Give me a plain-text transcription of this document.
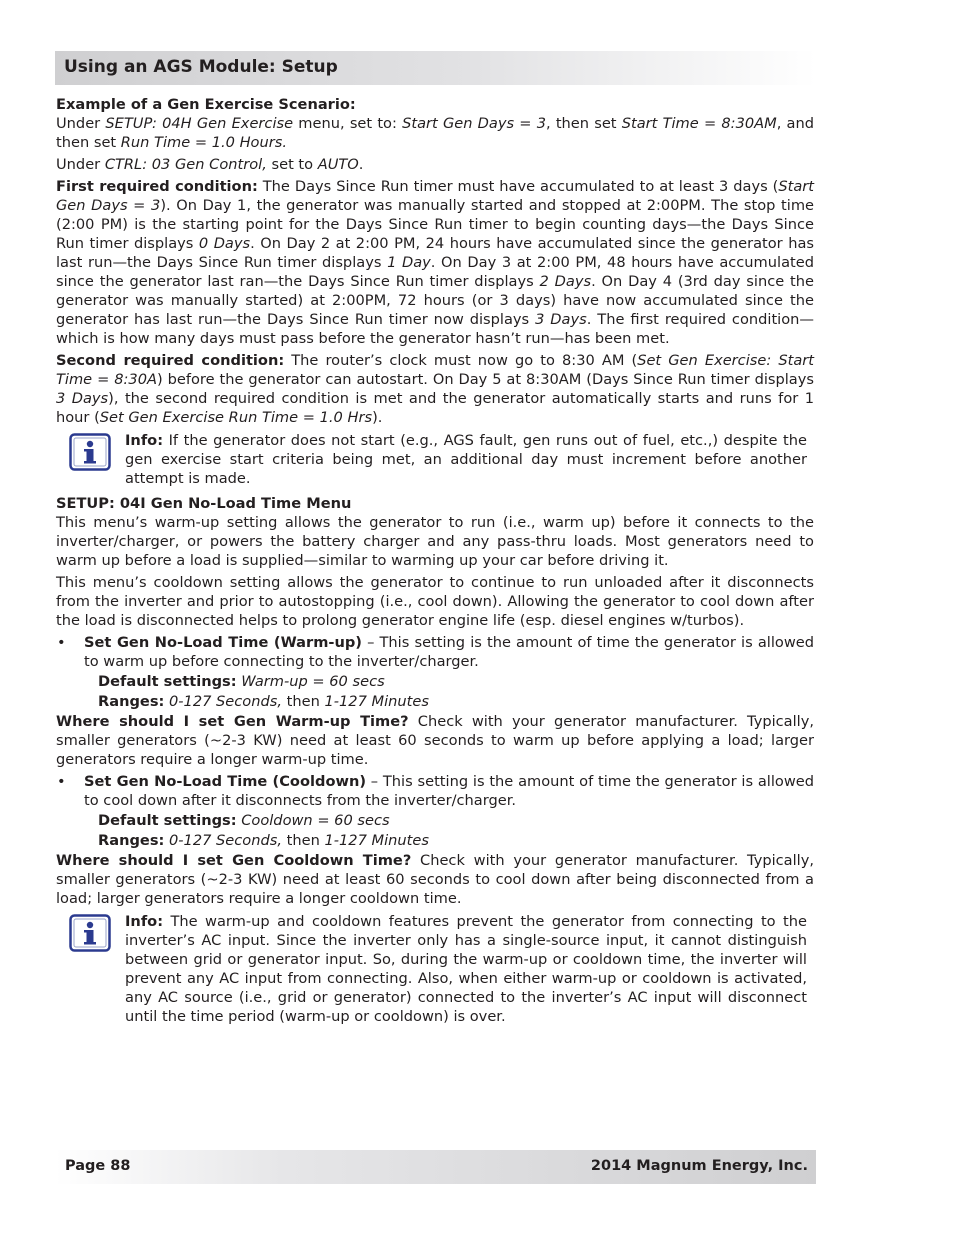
Using an AGS Module: Setup
Example of a Gen Exercise Scenario:
Under SETUP: 04H Gen Exercise menu, set to: Start Gen Days = 3, then set Start Time = 8:30AM, and then set Run Time = 1.0 Hours.
Under CTRL: 03 Gen Control, set to AUTO.
First required condition: The Days Since Run timer must have accumulated to at least 3 days (Start Gen Days = 3). On Day 1, the generator was manually started and stopped at 2:00PM. The stop time (2:00 PM) is the starting point for the Days Since Run timer to begin counting days—the Days Since Run timer displays 0 Days. On Day 2 at 2:00 PM, 24 hours have accumulated since the generator has last run—the Days Since Run timer displays 1 Day. On Day 3 at 2:00 PM, 48 hours have accumulated since the generator last ran—the Days Since Run timer displays 2 Days. On Day 4 (3rd day since the generator was manually started) at 2:00PM, 72 hours (or 3 days) have now accumulated since the generator has last run—the Days Since Run timer now displays 3 Days. The first required condition—which is how many days must pass before the generator hasn’t run—has been met.
Second required condition: The router’s clock must now go to 8:30 AM (Set Gen Exercise: Start Time = 8:30A) before the generator can autostart. On Day 5 at 8:30AM (Days Since Run timer displays 3 Days), the second required condition is met and the generator automatically starts and runs for 1 hour (Set Gen Exercise Run Time = 1.0 Hrs).
Info: If the generator does not start (e.g., AGS fault, gen runs out of fuel, etc.,) despite the gen exercise start criteria being met, an additional day must increment before another attempt is made.
SETUP: 04I Gen No-Load Time Menu
This menu’s warm-up setting allows the generator to run (i.e., warm up) before it connects to the inverter/charger, or powers the battery charger and any pass-thru loads. Most generators need to warm up before a load is supplied—similar to warming up your car before driving it.
This menu’s cooldown setting allows the generator to continue to run unloaded after it disconnects from the inverter and prior to autostopping (i.e., cool down). Allowing the generator to cool down after the load is disconnected helps to prolong generator engine life (esp. diesel engines w/turbos).
• Set Gen No-Load Time (Warm-up) – This setting is the amount of time the generator is allowed to warm up before connecting to the inverter/charger.
Default settings: Warm-up = 60 secs
Ranges: 0-127 Seconds, then 1-127 Minutes
Where should I set Gen Warm-up Time? Check with your generator manufacturer. Typically, smaller generators (~2-3 KW) need at least 60 seconds to warm up before applying a load; larger generators require a longer warm-up time.
• Set Gen No-Load Time (Cooldown) – This setting is the amount of time the generator is allowed to cool down after it disconnects from the inverter/charger.
Default settings: Cooldown = 60 secs
Ranges: 0-127 Seconds, then 1-127 Minutes
Where should I set Gen Cooldown Time? Check with your generator manufacturer. Typically, smaller generators (~2-3 KW) need at least 60 seconds to cool down after being disconnected from a load; larger generators require a longer cooldown time.
Info: The warm-up and cooldown features prevent the generator from connecting to the inverter’s AC input. Since the inverter only has a single-source input, it cannot distinguish between grid or generator input. So, during the warm-up or cooldown time, the inverter will prevent any AC input from connecting. Also, when either warm-up or cooldown is activated, any AC source (i.e., grid or generator) connected to the inverter’s AC input will disconnect until the time period (warm-up or cooldown) is over.
Page 88	2014 Magnum Energy, Inc.
